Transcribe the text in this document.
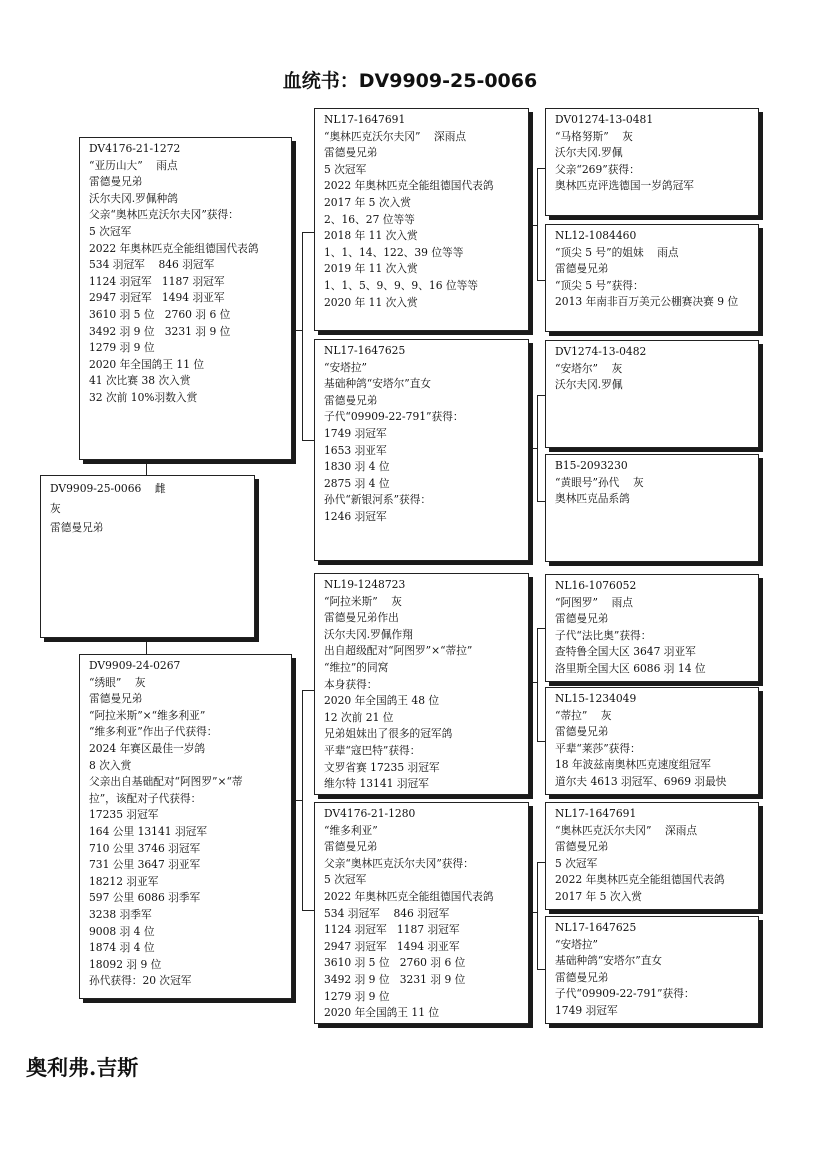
血统书：DV9909-25-0066
DV9909-25-0066    雌
灰
雷德曼兄弟
DV4176-21-1272
“亚历山大”    雨点
雷德曼兄弟
沃尔夫冈.罗佩种鸽
父亲“奥林匹克沃尔夫冈”获得：
5 次冠军
2022 年奥林匹克全能组德国代表鸽
534 羽冠军    846 羽冠军
1124 羽冠军   1187 羽冠军
2947 羽冠军   1494 羽亚军
3610 羽 5 位   2760 羽 6 位
3492 羽 9 位   3231 羽 9 位
1279 羽 9 位
2020 年全国鸽王 11 位
41 次比赛 38 次入赏
32 次前 10%羽数入赏
DV9909-24-0267
“绣眼”    灰
雷德曼兄弟
“阿拉米斯”×“维多利亚”
“维多利亚”作出子代获得：
2024 年赛区最佳一岁鸽
8 次入赏
父亲出自基础配对“阿图罗”×“蒂
拉”，该配对子代获得：
17235 羽冠军
164 公里 13141 羽冠军
710 公里 3746 羽冠军
731 公里 3647 羽亚军
18212 羽亚军
597 公里 6086 羽季军
3238 羽季军
9008 羽 4 位
1874 羽 4 位
18092 羽 9 位
孙代获得：20 次冠军
NL17-1647691
“奥林匹克沃尔夫冈”    深雨点
雷德曼兄弟
5 次冠军
2022 年奥林匹克全能组德国代表鸽
2017 年 5 次入赏
2、16、27 位等等
2018 年 11 次入赏
1、1、14、122、39 位等等
2019 年 11 次入赏
1、1、5、9、9、9、16 位等等
2020 年 11 次入赏
NL17-1647625
“安塔拉”
基础种鸽“安塔尔”直女
雷德曼兄弟
子代“09909-22-791”获得：
1749 羽冠军
1653 羽亚军
1830 羽 4 位
2875 羽 4 位
孙代“新银河系”获得：
1246 羽冠军
NL19-1248723
“阿拉米斯”    灰
雷德曼兄弟作出
沃尔夫冈.罗佩作翔
出自超级配对“阿图罗”×“蒂拉”
“维拉”的同窝
本身获得：
2020 年全国鸽王 48 位
12 次前 21 位
兄弟姐妹出了很多的冠军鸽
平辈“寇巴特”获得：
文罗省赛 17235 羽冠军
维尔特 13141 羽冠军
DV4176-21-1280
“维多利亚”
雷德曼兄弟
父亲“奥林匹克沃尔夫冈”获得：
5 次冠军
2022 年奥林匹克全能组德国代表鸽
534 羽冠军    846 羽冠军
1124 羽冠军   1187 羽冠军
2947 羽冠军   1494 羽亚军
3610 羽 5 位   2760 羽 6 位
3492 羽 9 位   3231 羽 9 位
1279 羽 9 位
2020 年全国鸽王 11 位
DV01274-13-0481
“马格努斯”    灰
沃尔夫冈.罗佩
父亲“269”获得：
奥林匹克评选德国一岁鸽冠军
NL12-1084460
“顶尖 5 号”的姐妹    雨点
雷德曼兄弟
“顶尖 5 号”获得：
2013 年南非百万美元公棚赛决赛 9 位
DV1274-13-0482
“安塔尔”    灰
沃尔夫冈.罗佩
B15-2093230
“黄眼号”孙代    灰
奥林匹克品系鸽
NL16-1076052
“阿图罗”    雨点
雷德曼兄弟
子代“法比奥”获得：
查特鲁全国大区 3647 羽亚军
洛里斯全国大区 6086 羽 14 位
NL15-1234049
“蒂拉”    灰
雷德曼兄弟
平辈“莱莎”获得：
18 年波兹南奥林匹克速度组冠军
道尔夫 4613 羽冠军、6969 羽最快
NL17-1647691
“奥林匹克沃尔夫冈”    深雨点
雷德曼兄弟
5 次冠军
2022 年奥林匹克全能组德国代表鸽
2017 年 5 次入赏
NL17-1647625
“安塔拉”
基础种鸽“安塔尔”直女
雷德曼兄弟
子代“09909-22-791”获得：
1749 羽冠军
奥利弗.吉斯
